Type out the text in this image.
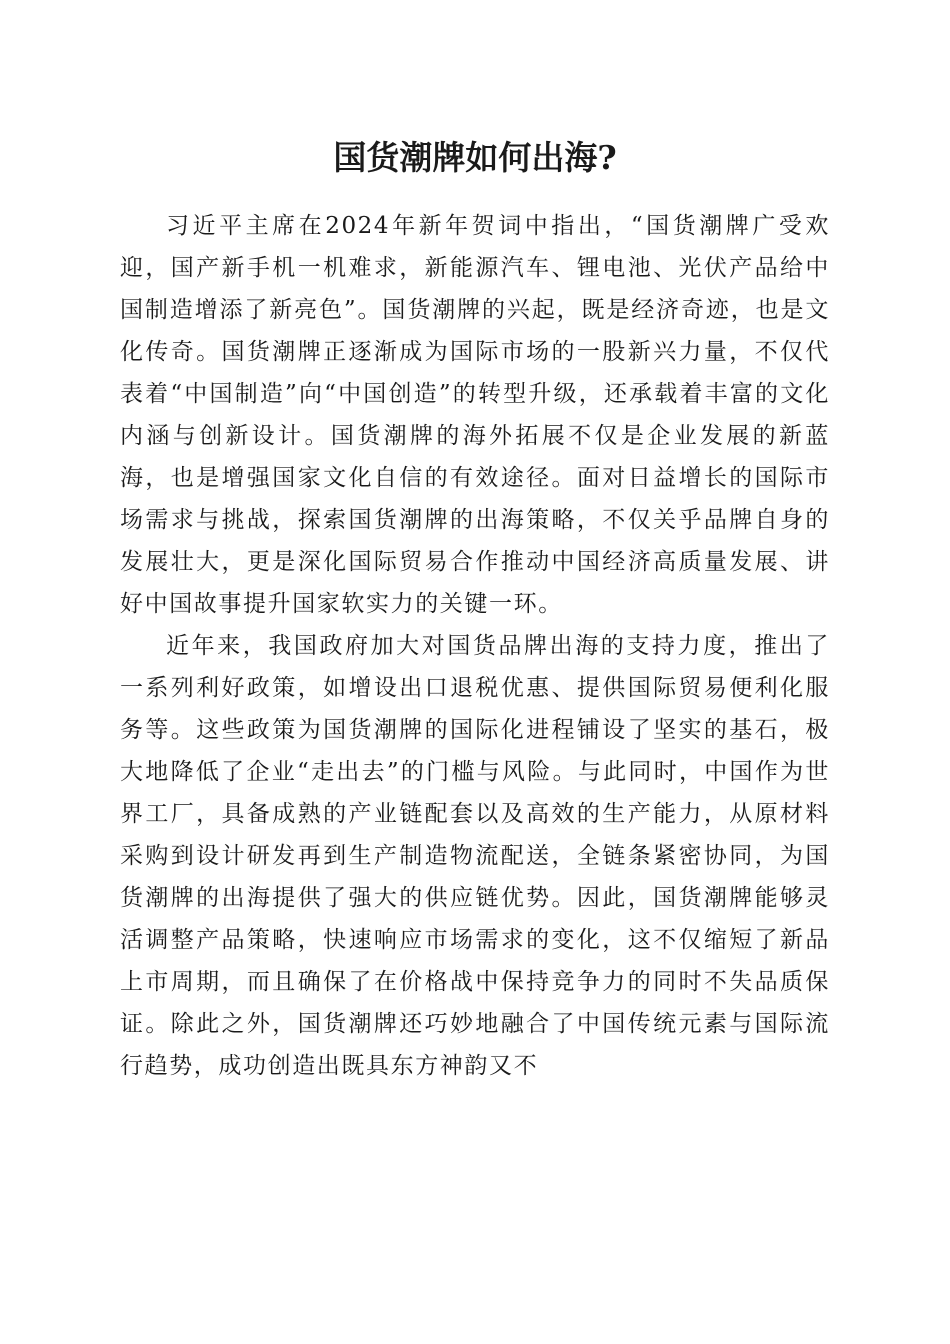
国货潮牌如何出海?

习近平主席在2024年新年贺词中指出，“国货潮牌广受欢迎，国产新手机一机难求，新能源汽车、锂电池、光伏产品给中国制造增添了新亮色”。国货潮牌的兴起，既是经济奇迹，也是文化传奇。国货潮牌正逐渐成为国际市场的一股新兴力量，不仅代表着“中国制造”向“中国创造”的转型升级，还承载着丰富的文化内涵与创新设计。国货潮牌的海外拓展不仅是企业发展的新蓝海，也是增强国家文化自信的有效途径。面对日益增长的国际市场需求与挑战，探索国货潮牌的出海策略，不仅关乎品牌自身的发展壮大，更是深化国际贸易合作推动中国经济高质量发展、讲好中国故事提升国家软实力的关键一环。

近年来，我国政府加大对国货品牌出海的支持力度，推出了一系列利好政策，如增设出口退税优惠、提供国际贸易便利化服务等。这些政策为国货潮牌的国际化进程铺设了坚实的基石，极大地降低了企业“走出去”的门槛与风险。与此同时，中国作为世界工厂，具备成熟的产业链配套以及高效的生产能力，从原材料采购到设计研发再到生产制造物流配送，全链条紧密协同，为国货潮牌的出海提供了强大的供应链优势。因此，国货潮牌能够灵活调整产品策略，快速响应市场需求的变化，这不仅缩短了新品上市周期，而且确保了在价格战中保持竞争力的同时不失品质保证。除此之外，国货潮牌还巧妙地融合了中国传统元素与国际流行趋势，成功创造出既具东方神韵又不
